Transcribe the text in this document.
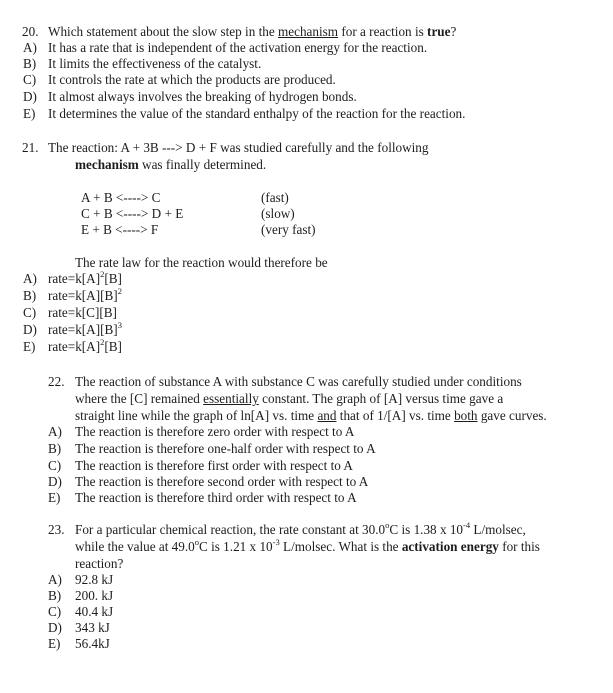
20. Which statement about the slow step in the mechanism for a reaction is true?
A) It has a rate that is independent of the activation energy for the reaction.
B) It limits the effectiveness of the catalyst.
C) It controls the rate at which the products are produced.
D) It almost always involves the breaking of hydrogen bonds.
E) It determines the value of the standard enthalpy of the reaction for the reaction.
21. The reaction: A + 3B ---> D + F was studied carefully and the following
mechanism was finally determined.
A + B <----> C	(fast)
C + B <----> D + E	(slow)
E + B <----> F	(very fast)
The rate law for the reaction would therefore be
A) $rate=k[A]^2[B]$
B) $rate=k[A][B]^2$
C) rate=k[C][B]
D) $rate=k[A][B]^3$
E) $rate=k[A]^2[B]$
22. The reaction of substance A with substance C was carefully studied under conditions
where the [C] remained essentially constant. The graph of [A] versus time gave a
straight line while the graph of ln[A] vs. time and that of 1/[A] vs. time both gave curves.
A) The reaction is therefore zero order with respect to A
B) The reaction is therefore one-half order with respect to A
C) The reaction is therefore first order with respect to A
D) The reaction is therefore second order with respect to A
E) The reaction is therefore third order with respect to A
23. For a particular chemical reaction, the rate constant at 30.0$^o$C is 1.38 x $10^{-4}$ L/molsec,
while the value at 49.0$^o$C is 1.21 x $10^{-3}$ L/molsec. What is the activation energy for this
reaction?
A) 92.8 kJ
B) 200. kJ
C) 40.4 kJ
D) 343 kJ
E) 56.4kJ
